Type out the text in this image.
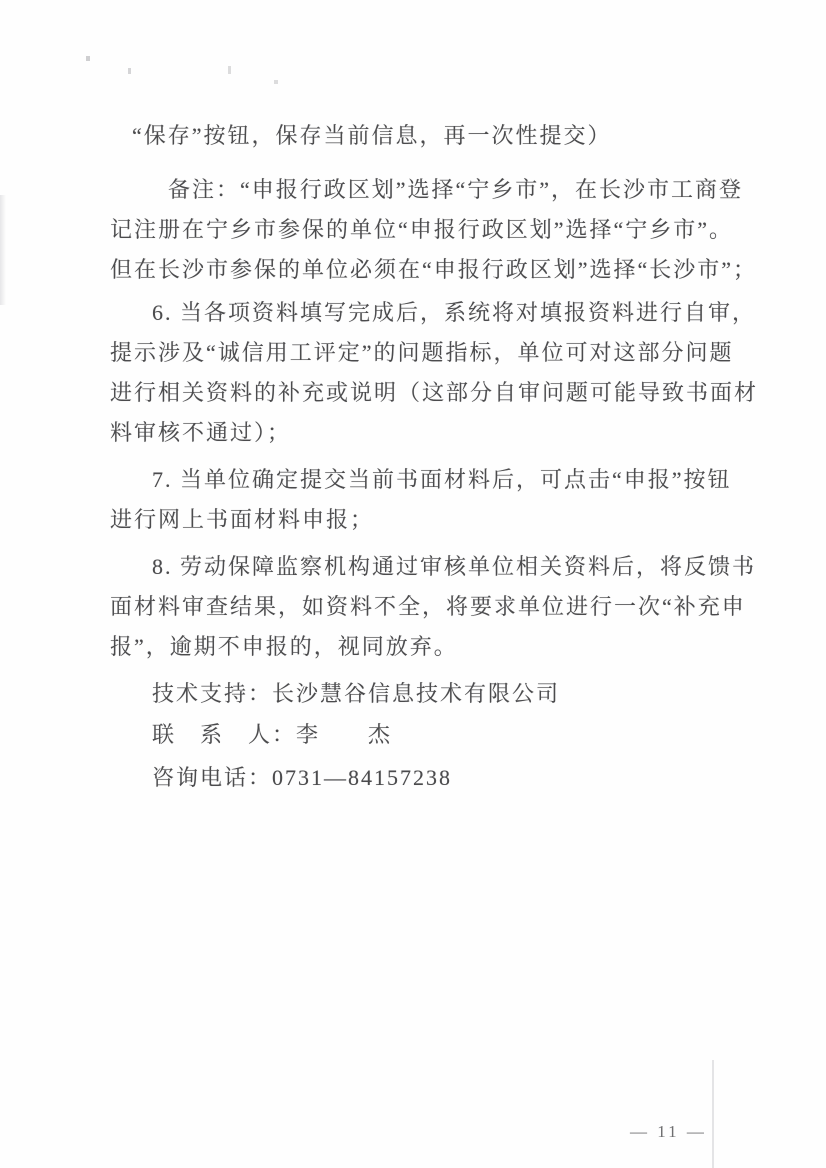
“保存”按钮，保存当前信息，再一次性提交）
备注：“申报行政区划”选择“宁乡市”，在长沙市工商登
记注册在宁乡市参保的单位“申报行政区划”选择“宁乡市”。
但在长沙市参保的单位必须在“申报行政区划”选择“长沙市”；
6. 当各项资料填写完成后，系统将对填报资料进行自审，
提示涉及“诚信用工评定”的问题指标，单位可对这部分问题
进行相关资料的补充或说明（这部分自审问题可能导致书面材
料审核不通过）；
7. 当单位确定提交当前书面材料后，可点击“申报”按钮
进行网上书面材料申报；
8. 劳动保障监察机构通过审核单位相关资料后，将反馈书
面材料审查结果，如资料不全，将要求单位进行一次“补充申
报”，逾期不申报的，视同放弃。
技术支持：长沙慧谷信息技术有限公司
联　系　人：李　　杰
咨询电话：0731—84157238
— 11 —
